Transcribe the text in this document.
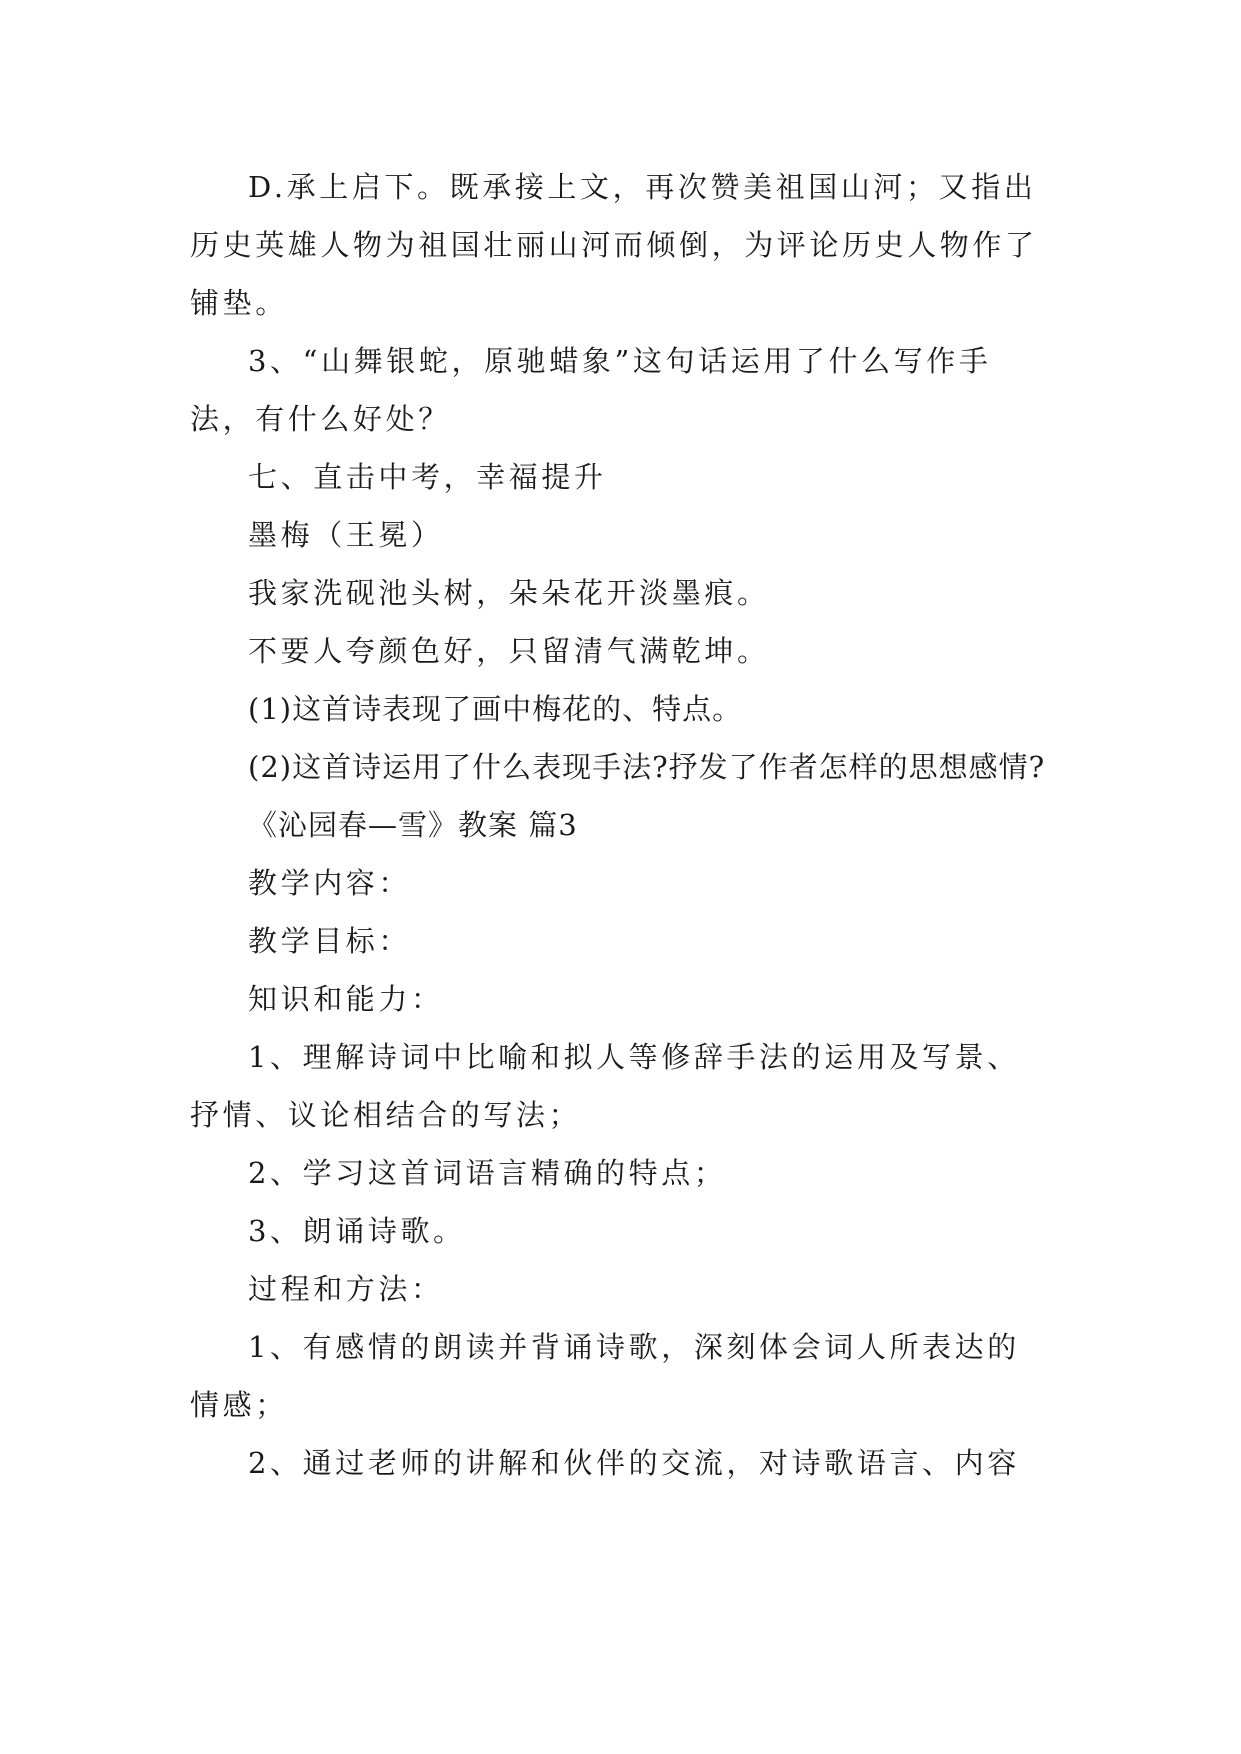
D.承上启下。既承接上文，再次赞美祖国山河；又指出历史英雄人物为祖国壮丽山河而倾倒，为评论历史人物作了铺垫。

3、“山舞银蛇，原驰蜡象”这句话运用了什么写作手法，有什么好处？

七、直击中考，幸福提升

墨梅（王冕）

我家洗砚池头树，朵朵花开淡墨痕。

不要人夸颜色好，只留清气满乾坤。

(1)这首诗表现了画中梅花的、特点。

(2)这首诗运用了什么表现手法?抒发了作者怎样的思想感情?

《沁园春—雪》教案 篇3

教学内容：

教学目标：

知识和能力：

1、理解诗词中比喻和拟人等修辞手法的运用及写景、抒情、议论相结合的写法；

2、学习这首词语言精确的特点；

3、朗诵诗歌。

过程和方法：

1、有感情的朗读并背诵诗歌，深刻体会词人所表达的情感；

2、通过老师的讲解和伙伴的交流，对诗歌语言、内容
